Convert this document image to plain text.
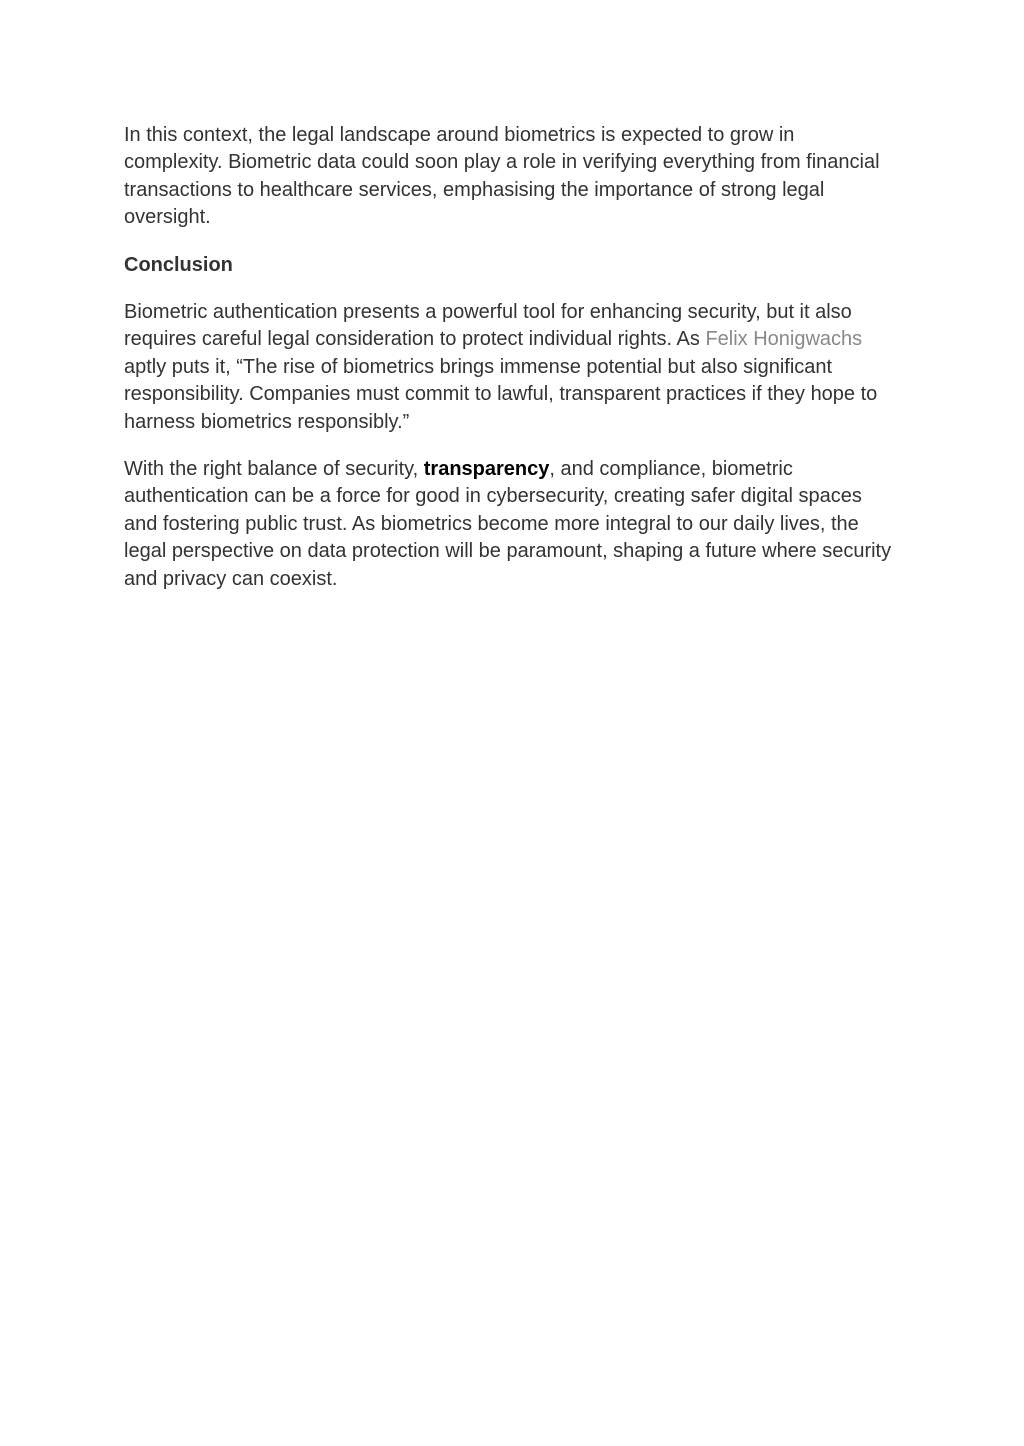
In this context, the legal landscape around biometrics is expected to grow in complexity. Biometric data could soon play a role in verifying everything from financial transactions to healthcare services, emphasising the importance of strong legal oversight.

Conclusion

Biometric authentication presents a powerful tool for enhancing security, but it also requires careful legal consideration to protect individual rights. As Felix Honigwachs aptly puts it, “The rise of biometrics brings immense potential but also significant responsibility. Companies must commit to lawful, transparent practices if they hope to harness biometrics responsibly.”

With the right balance of security, transparency, and compliance, biometric authentication can be a force for good in cybersecurity, creating safer digital spaces and fostering public trust. As biometrics become more integral to our daily lives, the legal perspective on data protection will be paramount, shaping a future where security and privacy can coexist.
